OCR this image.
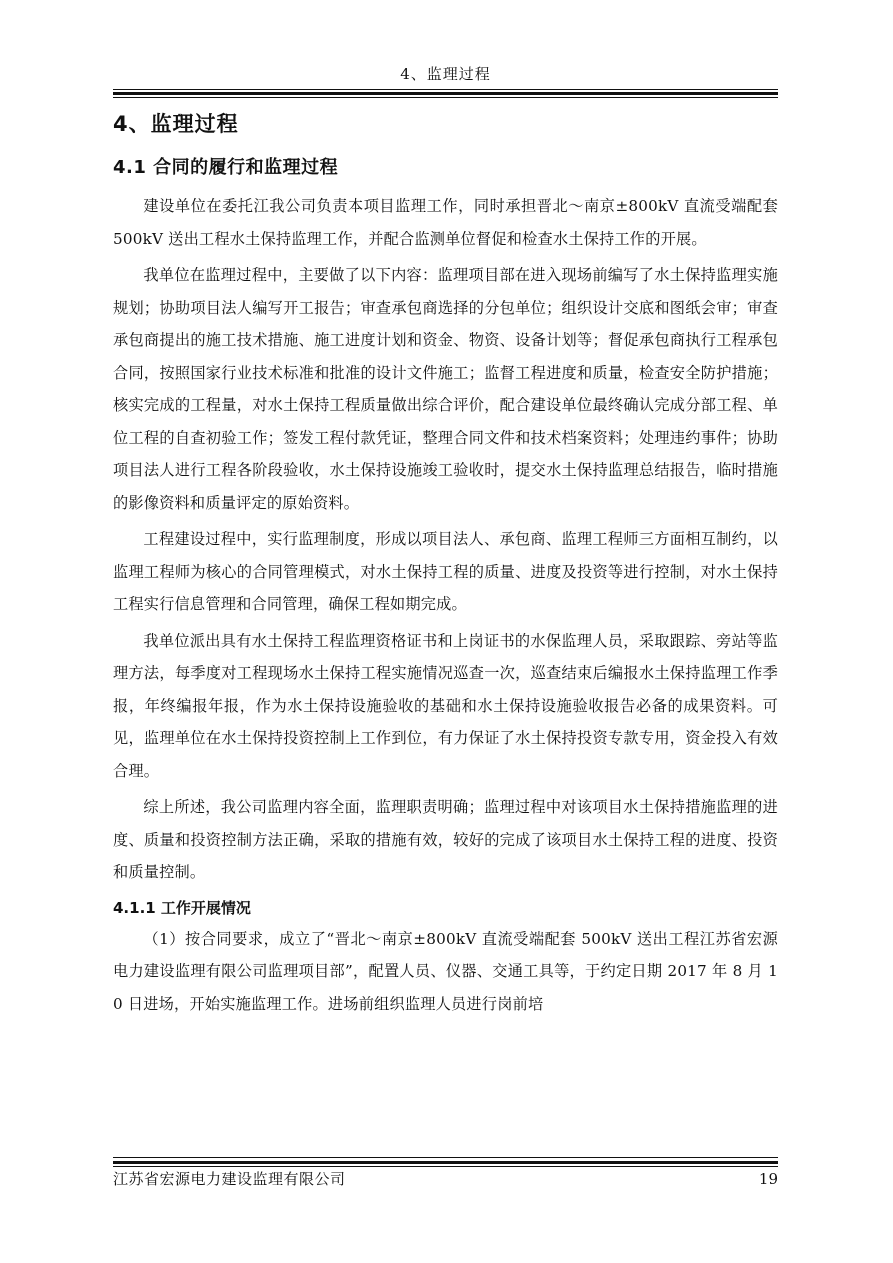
4、监理过程
4、监理过程
4.1 合同的履行和监理过程

建设单位在委托江我公司负责本项目监理工作，同时承担晋北～南京±800kV 直流受端配套 500kV 送出工程水土保持监理工作，并配合监测单位督促和检查水土保持工作的开展。

我单位在监理过程中，主要做了以下内容：监理项目部在进入现场前编写了水土保持监理实施规划；协助项目法人编写开工报告；审查承包商选择的分包单位；组织设计交底和图纸会审；审查承包商提出的施工技术措施、施工进度计划和资金、物资、设备计划等；督促承包商执行工程承包合同，按照国家行业技术标准和批准的设计文件施工；监督工程进度和质量，检查安全防护措施；核实完成的工程量，对水土保持工程质量做出综合评价，配合建设单位最终确认完成分部工程、单位工程的自查初验工作；签发工程付款凭证，整理合同文件和技术档案资料；处理违约事件；协助项目法人进行工程各阶段验收，水土保持设施竣工验收时，提交水土保持监理总结报告，临时措施的影像资料和质量评定的原始资料。

工程建设过程中，实行监理制度，形成以项目法人、承包商、监理工程师三方面相互制约，以监理工程师为核心的合同管理模式，对水土保持工程的质量、进度及投资等进行控制，对水土保持工程实行信息管理和合同管理，确保工程如期完成。

我单位派出具有水土保持工程监理资格证书和上岗证书的水保监理人员，采取跟踪、旁站等监理方法，每季度对工程现场水土保持工程实施情况巡查一次，巡查结束后编报水土保持监理工作季报，年终编报年报，作为水土保持设施验收的基础和水土保持设施验收报告必备的成果资料。可见，监理单位在水土保持投资控制上工作到位，有力保证了水土保持投资专款专用，资金投入有效合理。

综上所述，我公司监理内容全面，监理职责明确；监理过程中对该项目水土保持措施监理的进度、质量和投资控制方法正确，采取的措施有效，较好的完成了该项目水土保持工程的进度、投资和质量控制。

4.1.1 工作开展情况

（1）按合同要求，成立了“晋北～南京±800kV 直流受端配套 500kV 送出工程江苏省宏源电力建设监理有限公司监理项目部”，配置人员、仪器、交通工具等，于约定日期 2017 年 8 月 10 日进场，开始实施监理工作。进场前组织监理人员进行岗前培

江苏省宏源电力建设监理有限公司	19
